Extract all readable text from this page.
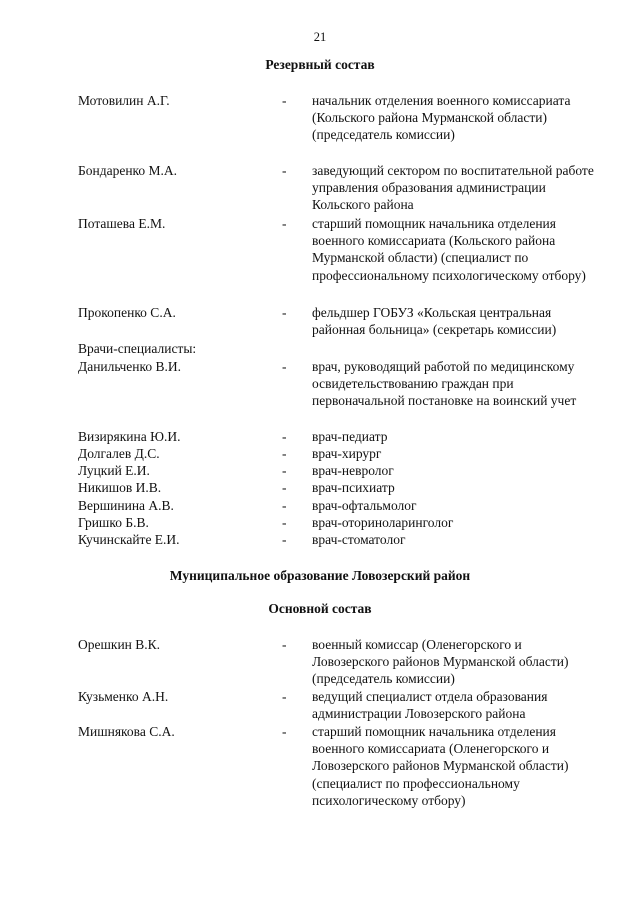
21
Резервный состав
Мотовилин А.Г.	- начальник отделения военного комиссариата (Кольского района Мурманской области) (председатель комиссии)
Бондаренко М.А.	- заведующий сектором по воспитательной работе управления образования администрации Кольского района
Поташева Е.М.	- старший помощник начальника отделения военного комиссариата (Кольского района Мурманской области) (специалист по профессиональному психологическому отбору)
Прокопенко С.А.	- фельдшер ГОБУЗ «Кольская центральная районная больница» (секретарь комиссии)
Врачи-специалисты:
Данильченко В.И.	- врач, руководящий работой по медицинскому освидетельствованию граждан при первоначальной постановке на воинский учет
Визирякина Ю.И.	- врач-педиатр
Долгалев Д.С.	- врач-хирург
Луцкий Е.И.	- врач-невролог
Никишов И.В.	- врач-психиатр
Вершинина А.В.	- врач-офтальмолог
Гришко Б.В.	- врач-оториноларинголог
Кучинскайте Е.И.	- врач-стоматолог
Муниципальное образование Ловозерский район
Основной состав
Орешкин В.К.	- военный комиссар (Оленегорского и Ловозерского районов Мурманской области) (председатель комиссии)
Кузьменко А.Н.	- ведущий специалист отдела образования администрации Ловозерского района
Мишнякова С.А.	- старший помощник начальника отделения военного комиссариата (Оленегорского и Ловозерского районов Мурманской области) (специалист по профессиональному психологическому отбору)
